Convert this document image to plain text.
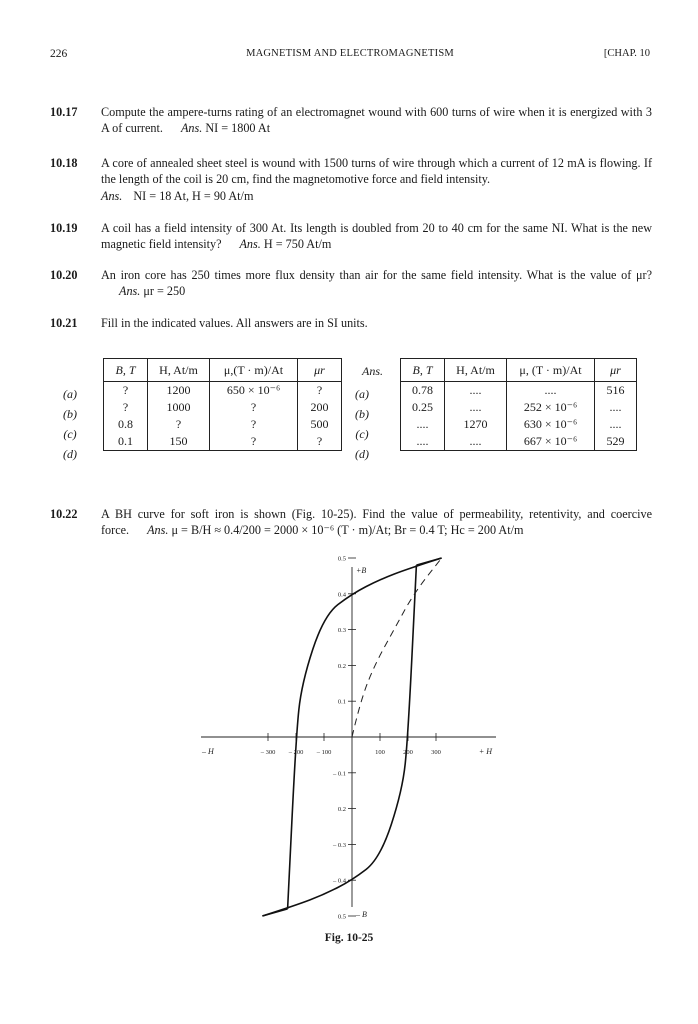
226	MAGNETISM AND ELECTROMAGNETISM	[CHAP. 10
10.17 Compute the ampere-turns rating of an electromagnet wound with 600 turns of wire when it is energized with 3 A of current. Ans. NI = 1800 At
10.18 A core of annealed sheet steel is wound with 1500 turns of wire through which a current of 12 mA is flowing. If the length of the coil is 20 cm, find the magnetomotive force and field intensity.
Ans. NI = 18 At, H = 90 At/m
10.19 A coil has a field intensity of 300 At. Its length is doubled from 20 to 40 cm for the same NI. What is the new magnetic field intensity? Ans. H = 750 At/m
10.20 An iron core has 250 times more flux density than air for the same field intensity. What is the value of μr?Ans. μr = 250
10.21 Fill in the indicated values. All answers are in SI units.
(a)
(b)
(c)
(d)
B, T	H, At/m	μ,(T · m)/At	μr
?	1200	650 × 10⁻⁶	?
?	1000	?	200
0.8	?	?	500
0.1	150	?	?
Ans.
(a)
(b)
(c)
(d)
B, T	H, At/m	μ, (T · m)/At	μr
0.78	....	....	516
0.25	....	252 × 10⁻⁶	....
....	1270	630 × 10⁻⁶	....
....	....	667 × 10⁻⁶	529
10.22 A BH curve for soft iron is shown (Fig. 10-25). Find the value of permeability, retentivity, and coercive force. Ans. μ = B/H ≈ 0.4/200 = 2000 × 10⁻⁶ (T · m)/At; Br = 0.4 T; Hc = 200 At/m
+B
– B
+ H
– H	– 300 – 200 – 100	100	200	300
0.5
0.4
0.3
0.2
0.1
– 0.1
0.2
– 0.3
– 0.4
0.5
Fig. 10-25
